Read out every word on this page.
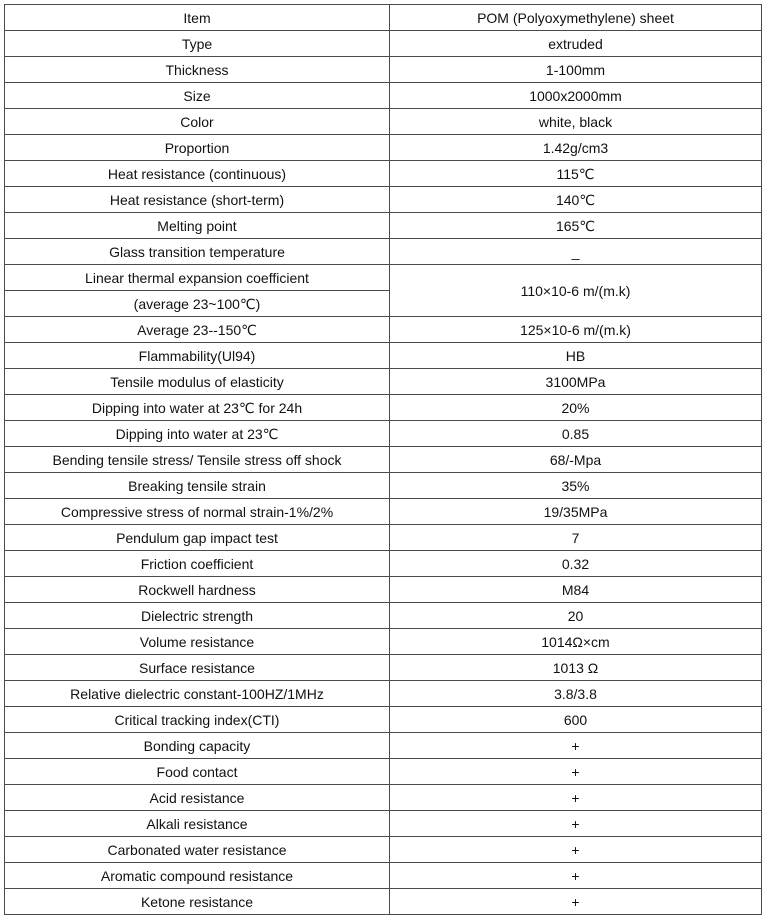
Item	POM (Polyoxymethylene) sheet
Type	extruded
Thickness	1-100mm
Size	1000x2000mm
Color	white, black
Proportion	1.42g/cm3
Heat resistance (continuous)	115℃
Heat resistance (short-term)	140℃
Melting point	165℃
Glass transition temperature	_
Linear thermal expansion coefficient	110×10-6 m/(m.k)
(average 23~100℃)	
Average 23--150℃	125×10-6 m/(m.k)
Flammability(Ul94)	HB
Tensile modulus of elasticity	3100MPa
Dipping into water at 23℃ for 24h	20%
Dipping into water at 23℃	0.85
Bending tensile stress/ Tensile stress off shock	68/-Mpa
Breaking tensile strain	35%
Compressive stress of normal strain-1%/2%	19/35MPa
Pendulum gap impact test	7
Friction coefficient	0.32
Rockwell hardness	M84
Dielectric strength	20
Volume resistance	1014Ω×cm
Surface resistance	1013 Ω
Relative dielectric constant-100HZ/1MHz	3.8/3.8
Critical tracking index(CTI)	600
Bonding capacity	+
Food contact	+
Acid resistance	+
Alkali resistance	+
Carbonated water resistance	+
Aromatic compound resistance	+
Ketone resistance	+
